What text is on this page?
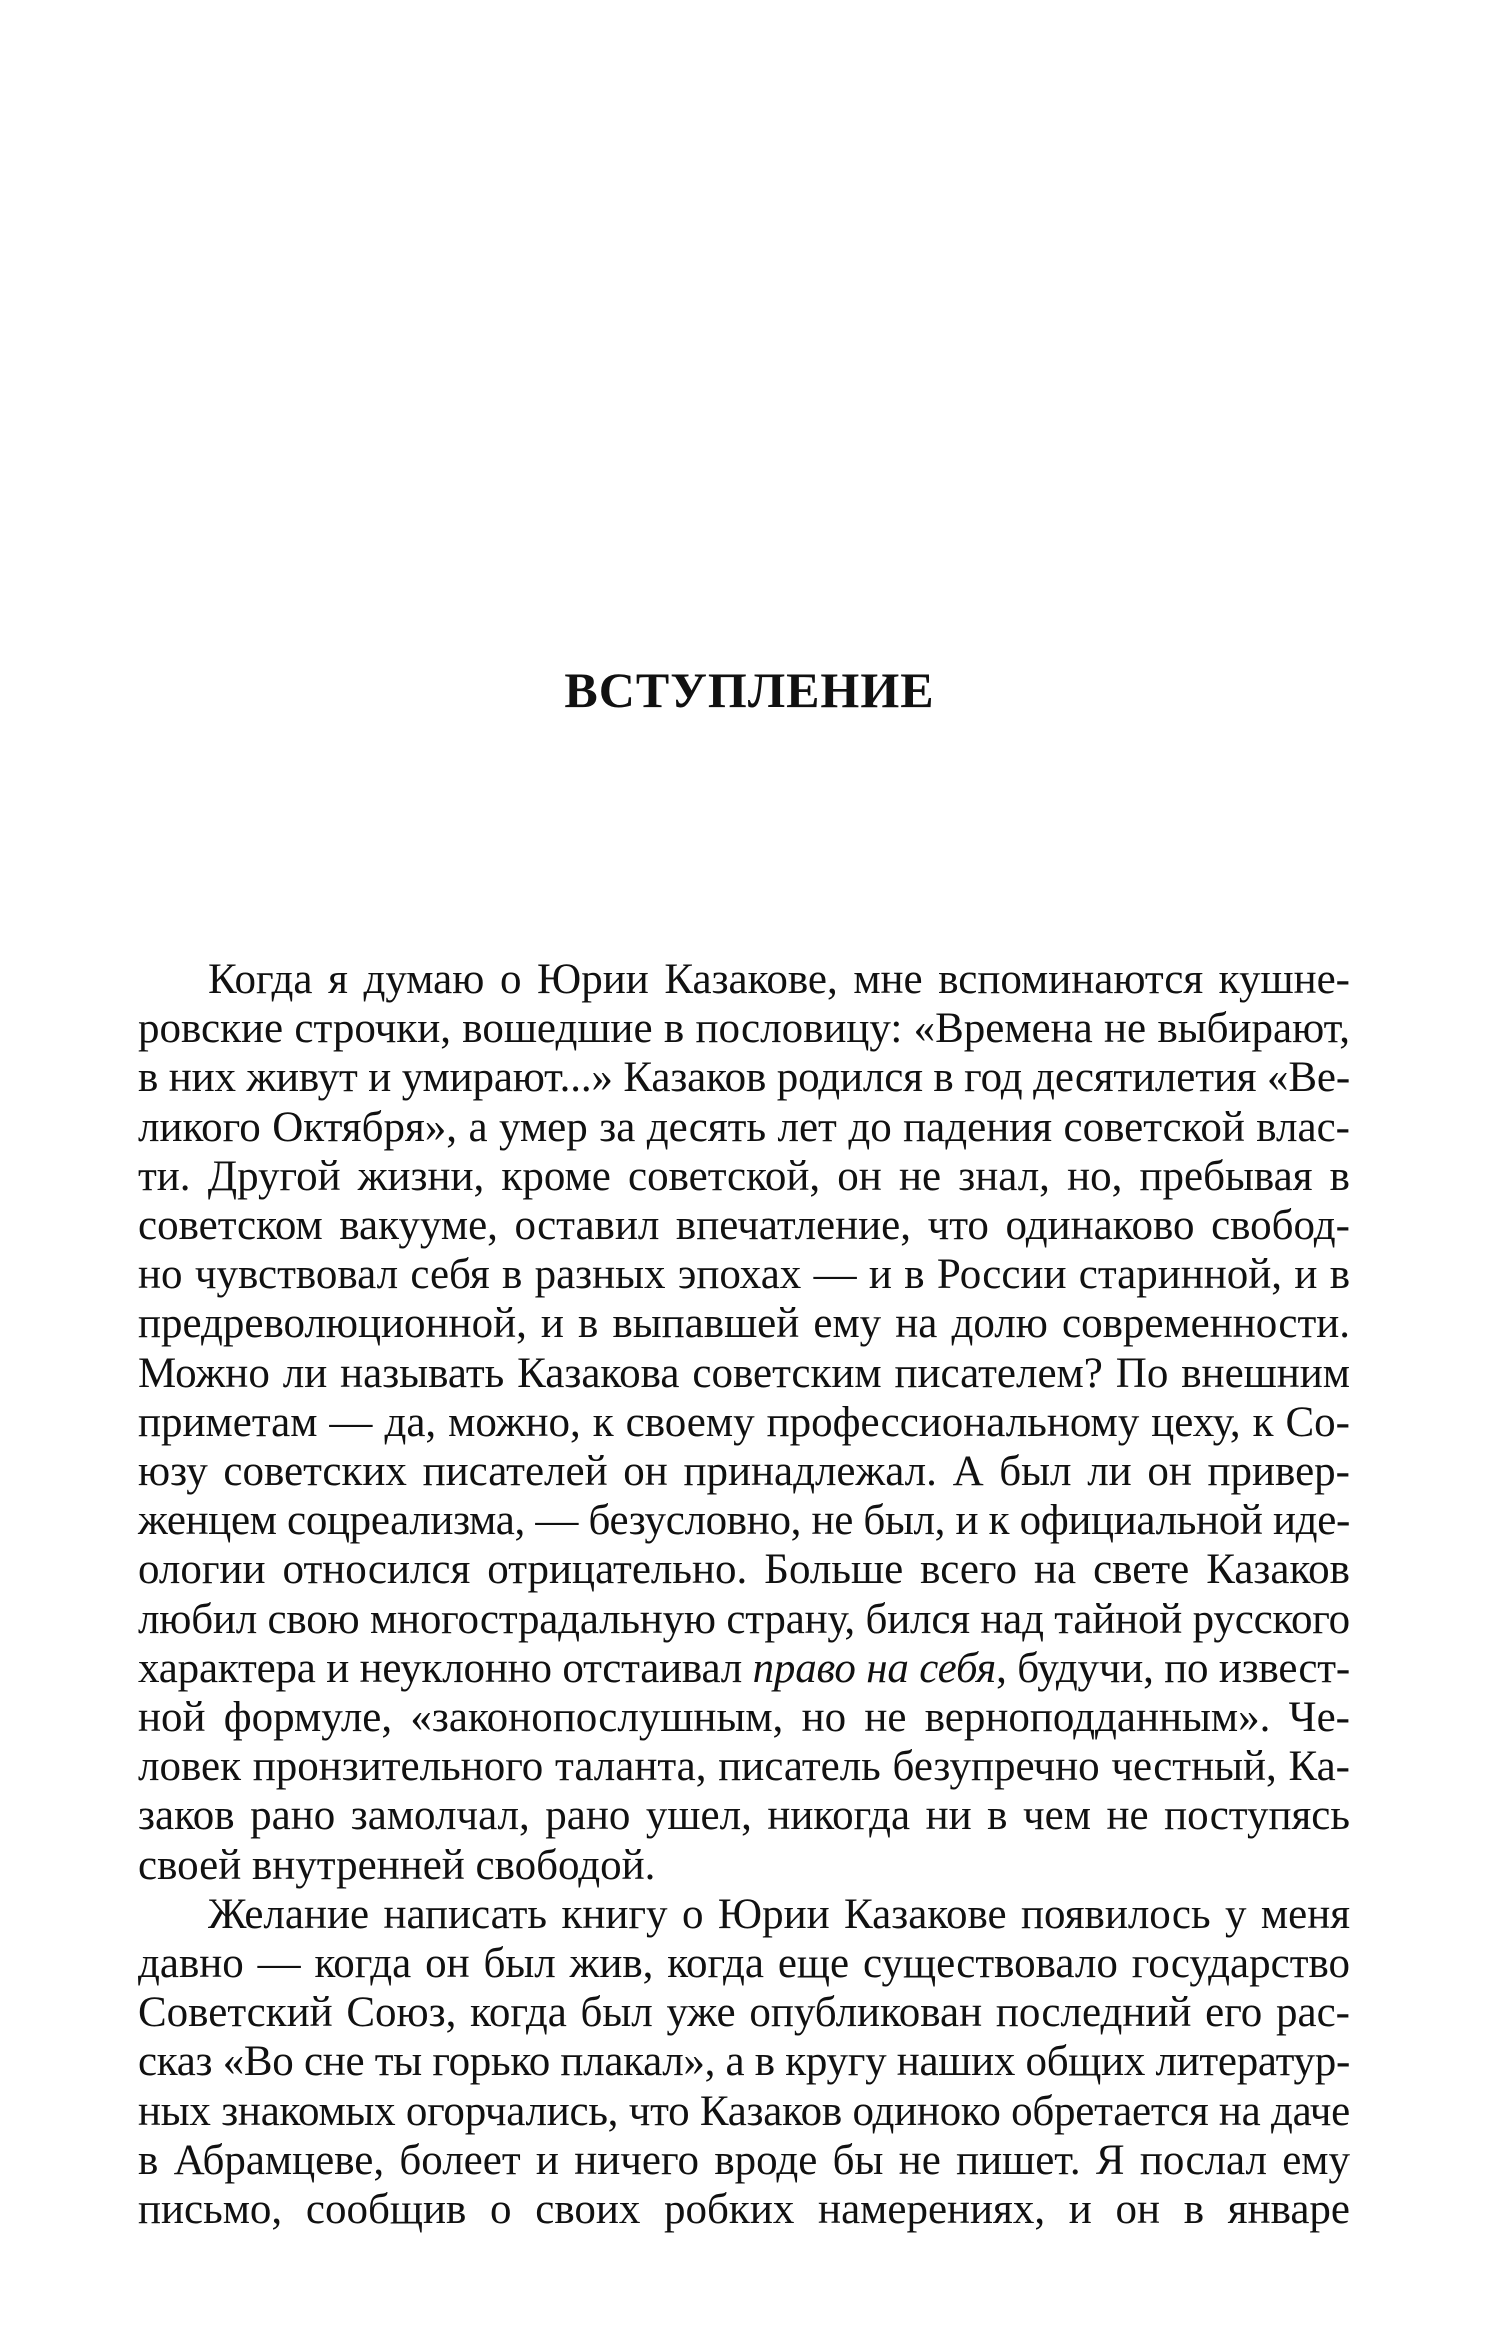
ВСТУПЛЕНИЕ

Когда я думаю о Юрии Казакове, мне вспоминаются кушне-
ровские строчки, вошедшие в пословицу: «Времена не выбирают,
в них живут и умирают...» Казаков родился в год десятилетия «Ве-
ликого Октября», а умер за десять лет до падения советской влас-
ти. Другой жизни, кроме советской, он не знал, но, пребывая в
советском вакууме, оставил впечатление, что одинаково свобод-
но чувствовал себя в разных эпохах — и в России старинной, и в
предреволюционной, и в выпавшей ему на долю современности.
Можно ли называть Казакова советским писателем? По внешним
приметам — да, можно, к своему профессиональному цеху, к Со-
юзу советских писателей он принадлежал. А был ли он привер-
женцем соцреализма, — безусловно, не был, и к официальной иде-
ологии относился отрицательно. Больше всего на свете Казаков
любил свою многострадальную страну, бился над тайной русского
характера и неуклонно отстаивал право на себя, будучи, по извест-
ной формуле, «законопослушным, но не верноподданным». Че-
ловек пронзительного таланта, писатель безупречно честный, Ка-
заков рано замолчал, рано ушел, никогда ни в чем не поступясь
своей внутренней свободой.

Желание написать книгу о Юрии Казакове появилось у меня
давно — когда он был жив, когда еще существовало государство
Советский Союз, когда был уже опубликован последний его рас-
сказ «Во сне ты горько плакал», а в кругу наших общих литератур-
ных знакомых огорчались, что Казаков одиноко обретается на даче
в Абрамцеве, болеет и ничего вроде бы не пишет. Я послал ему
письмо, сообщив о своих робких намерениях, и он в январе
